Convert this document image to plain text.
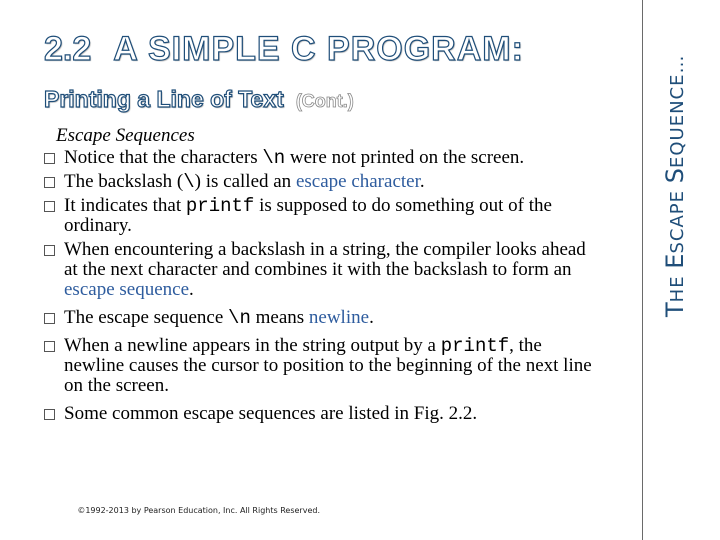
2.2 A SIMPLE C PROGRAM:
Printing a Line of Text (Cont.)
Escape Sequences

Notice that the characters \n were not printed on the screen.

The backslash (\) is called an escape character.

It indicates that printf is supposed to do something out of the ordinary.

When encountering a backslash in a string, the compiler looks ahead at the next character and combines it with the backslash to form an escape sequence.

The escape sequence \n means newline.

When a newline appears in the string output by a printf, the newline causes the cursor to position to the beginning of the next line on the screen.

Some common escape sequences are listed in Fig. 2.2.

©1992-2013 by Pearson Education, Inc. All Rights Reserved.
THE ESCAPE SEQUENCE…
